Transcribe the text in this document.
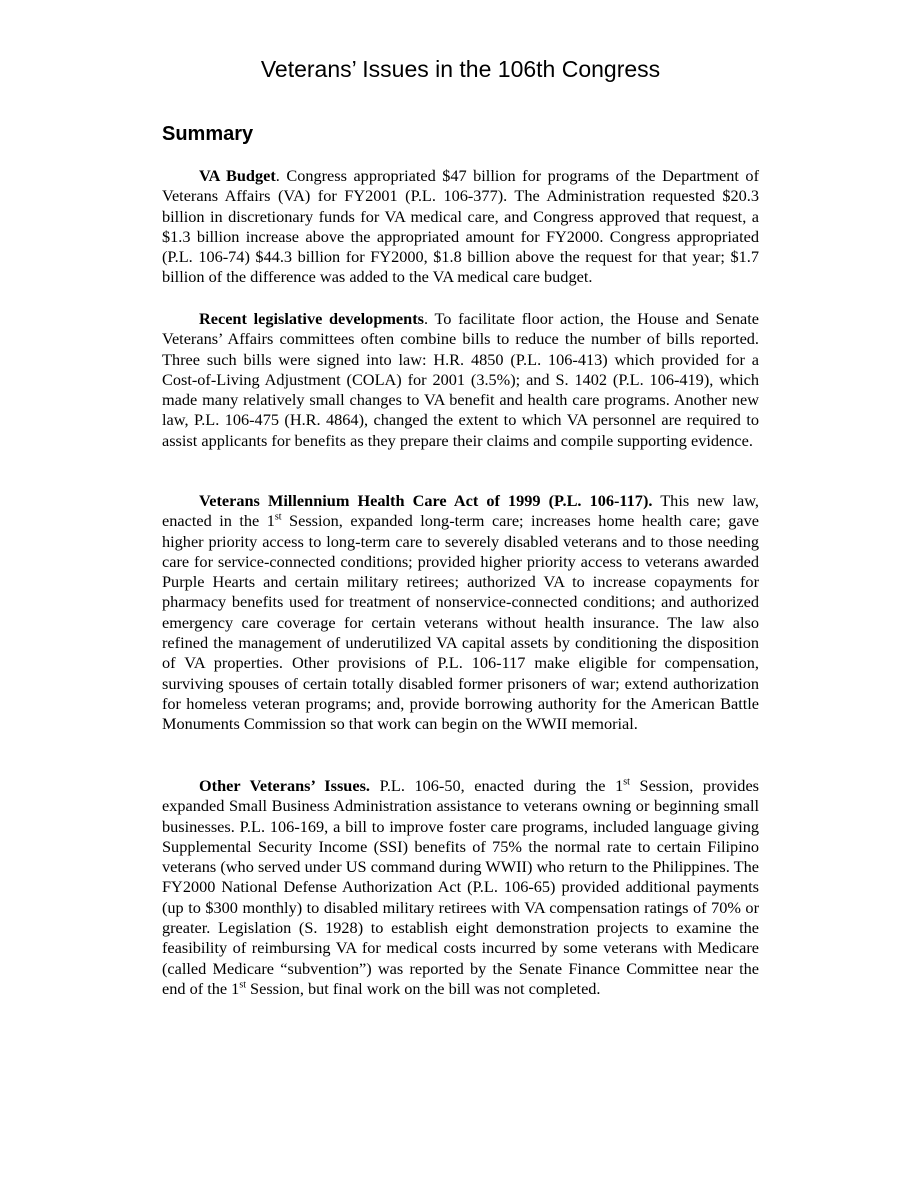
Veterans’ Issues in the 106th Congress
Summary

VA Budget. Congress appropriated $47 billion for programs of the Department of Veterans Affairs (VA) for FY2001 (P.L. 106-377). The Administration requested $20.3 billion in discretionary funds for VA medical care, and Congress approved that request, a $1.3 billion increase above the appropriated amount for FY2000. Congress appropriated (P.L. 106-74) $44.3 billion for FY2000, $1.8 billion above the request for that year; $1.7 billion of the difference was added to the VA medical care budget.

Recent legislative developments. To facilitate floor action, the House and Senate Veterans’ Affairs committees often combine bills to reduce the number of bills reported. Three such bills were signed into law: H.R. 4850 (P.L. 106-413) which provided for a Cost-of-Living Adjustment (COLA) for 2001 (3.5%); and S. 1402 (P.L. 106-419), which made many relatively small changes to VA benefit and health care programs. Another new law, P.L. 106-475 (H.R. 4864), changed the extent to which VA personnel are required to assist applicants for benefits as they prepare their claims and compile supporting evidence.

Veterans Millennium Health Care Act of 1999 (P.L. 106-117). This new law, enacted in the 1st Session, expanded long-term care; increases home health care; gave higher priority access to long-term care to severely disabled veterans and to those needing care for service-connected conditions; provided higher priority access to veterans awarded Purple Hearts and certain military retirees; authorized VA to increase copayments for pharmacy benefits used for treatment of nonservice-connected conditions; and authorized emergency care coverage for certain veterans without health insurance. The law also refined the management of underutilized VA capital assets by conditioning the disposition of VA properties. Other provisions of P.L. 106-117 make eligible for compensation, surviving spouses of certain totally disabled former prisoners of war; extend authorization for homeless veteran programs; and, provide borrowing authority for the American Battle Monuments Commission so that work can begin on the WWII memorial.

Other Veterans’ Issues. P.L. 106-50, enacted during the 1st Session, provides expanded Small Business Administration assistance to veterans owning or beginning small businesses. P.L. 106-169, a bill to improve foster care programs, included language giving Supplemental Security Income (SSI) benefits of 75% the normal rate to certain Filipino veterans (who served under US command during WWII) who return to the Philippines. The FY2000 National Defense Authorization Act (P.L. 106-65) provided additional payments (up to $300 monthly) to disabled military retirees with VA compensation ratings of 70% or greater. Legislation (S. 1928) to establish eight demonstration projects to examine the feasibility of reimbursing VA for medical costs incurred by some veterans with Medicare (called Medicare “subvention”) was reported by the Senate Finance Committee near the end of the 1st Session, but final work on the bill was not completed.
